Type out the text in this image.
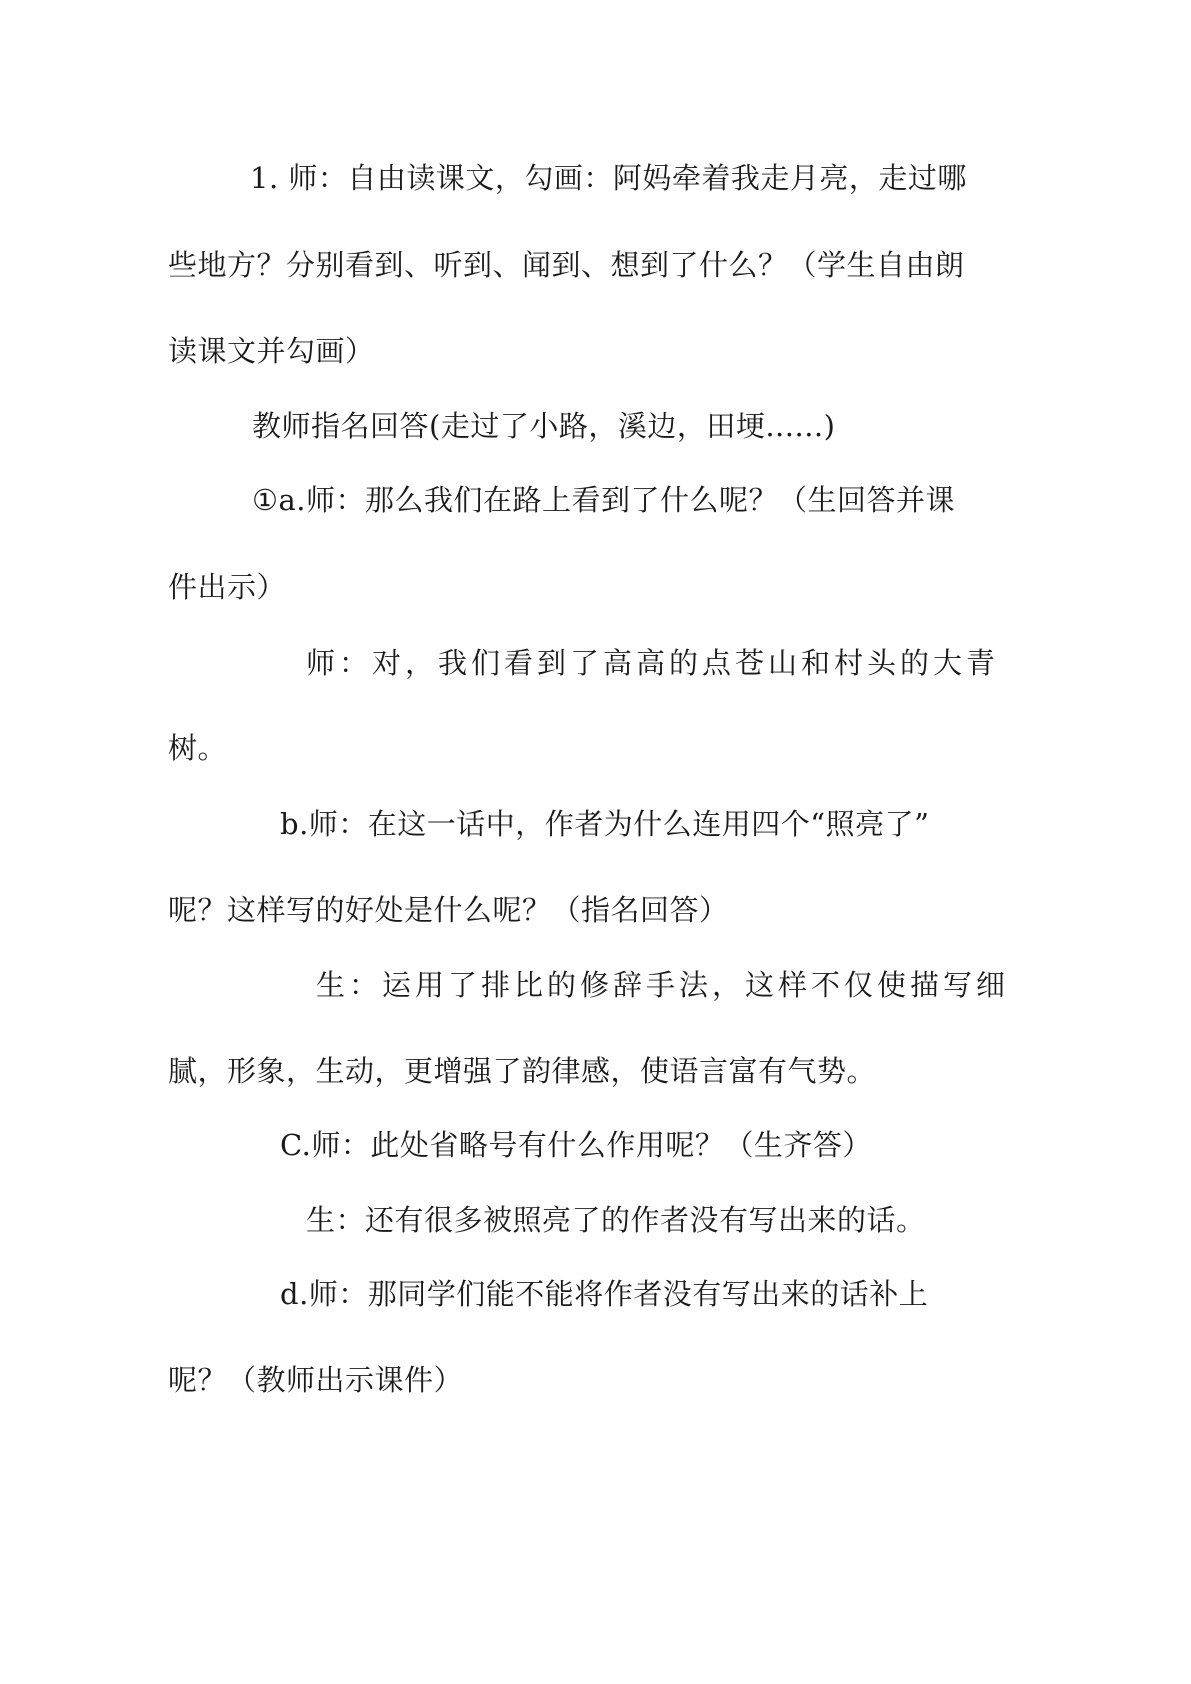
1. 师：自由读课文，勾画：阿妈牵着我走月亮，走过哪
些地方？分别看到、听到、闻到、想到了什么？（学生自由朗
读课文并勾画）
教师指名回答(走过了小路，溪边，田埂......)
①a.师：那么我们在路上看到了什么呢？（生回答并课
件出示）
师：对，我们看到了高高的点苍山和村头的大青
树。
b.师：在这一话中，作者为什么连用四个“照亮了”
呢？这样写的好处是什么呢？（指名回答）
生：运用了排比的修辞手法，这样不仅使描写细
腻，形象，生动，更增强了韵律感，使语言富有气势。
C.师：此处省略号有什么作用呢？（生齐答）
生：还有很多被照亮了的作者没有写出来的话。
d.师：那同学们能不能将作者没有写出来的话补上
呢？（教师出示课件）
